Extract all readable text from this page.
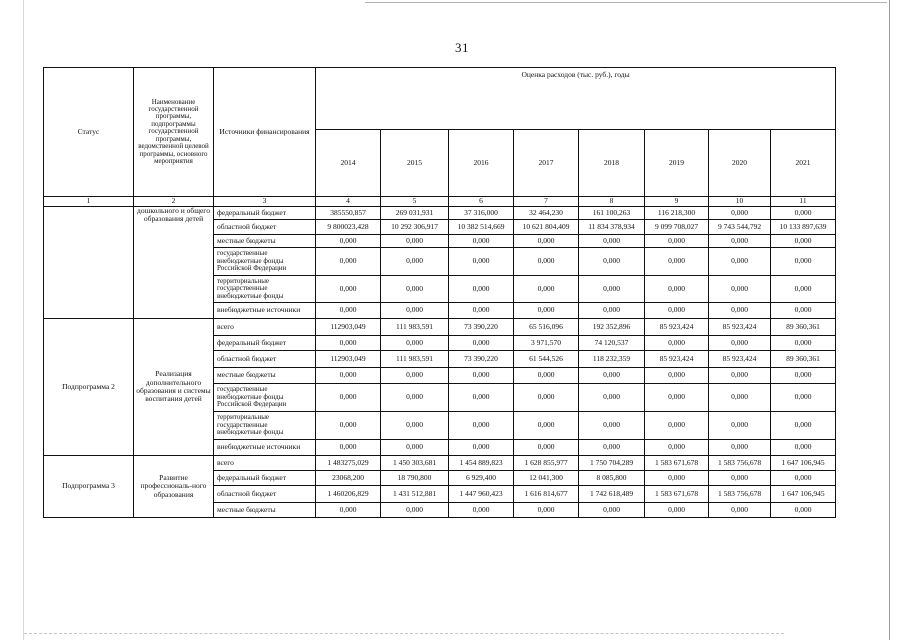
31
Статус	Наименование государственной программы, подпрограммы государственной программы, ведомственной целевой программы, основного мероприятия	Источники финансирования	Оценка расходов (тыс. руб.), годы							
			2014	2015	2016	2017	2018	2019	2020	2021
1	2	3	4	5	6	7	8	9	10	11
	дошкольного и общего образования детей	федеральный бюджет	385550,857	269 031,931	37 316,000	32 464,230	161 100,263	116 218,300	0,000	0,000
		областной бюджет	9 800023,428	10 292 306,917	10 382 514,669	10 621 804,409	11 834 378,934	9 099 708,027	9 743 544,792	10 133 897,639
		местные бюджеты	0,000	0,000	0,000	0,000	0,000	0,000	0,000	0,000
		государственные внебюджетные фонды Российской Федерации	0,000	0,000	0,000	0,000	0,000	0,000	0,000	0,000
		территориальные государственные внебюджетные фонды	0,000	0,000	0,000	0,000	0,000	0,000	0,000	0,000
		внебюджетные источники	0,000	0,000	0,000	0,000	0,000	0,000	0,000	0,000
Подпрограмма 2	Реализация дополнительного образования и системы воспитания детей	всего	112903,049	111 983,591	73 390,220	65 516,096	192 352,896	85 923,424	85 923,424	89 360,361
		федеральный бюджет	0,000	0,000	0,000	3 971,570	74 120,537	0,000	0,000	0,000
		областной бюджет	112903,049	111 983,591	73 390,220	61 544,526	118 232,359	85 923,424	85 923,424	89 360,361
		местные бюджеты	0,000	0,000	0,000	0,000	0,000	0,000	0,000	0,000
		государственные внебюджетные фонды Российской Федерации	0,000	0,000	0,000	0,000	0,000	0,000	0,000	0,000
		территориальные государственные внебюджетные фонды	0,000	0,000	0,000	0,000	0,000	0,000	0,000	0,000
		внебюджетные источники	0,000	0,000	0,000	0,000	0,000	0,000	0,000	0,000
Подпрограмма 3	Развитие профессиональ-ного образования	всего	1 483275,029	1 450 303,681	1 454 889,823	1 628 855,977	1 750 704,289	1 583 671,678	1 583 756,678	1 647 106,945
		федеральный бюджет	23068,200	18 790,800	6 929,400	12 041,300	8 085,800	0,000	0,000	0,000
		областной бюджет	1 460206,829	1 431 512,881	1 447 960,423	1 616 814,677	1 742 618,489	1 583 671,678	1 583 756,678	1 647 106,945
		местные бюджеты	0,000	0,000	0,000	0,000	0,000	0,000	0,000	0,000
